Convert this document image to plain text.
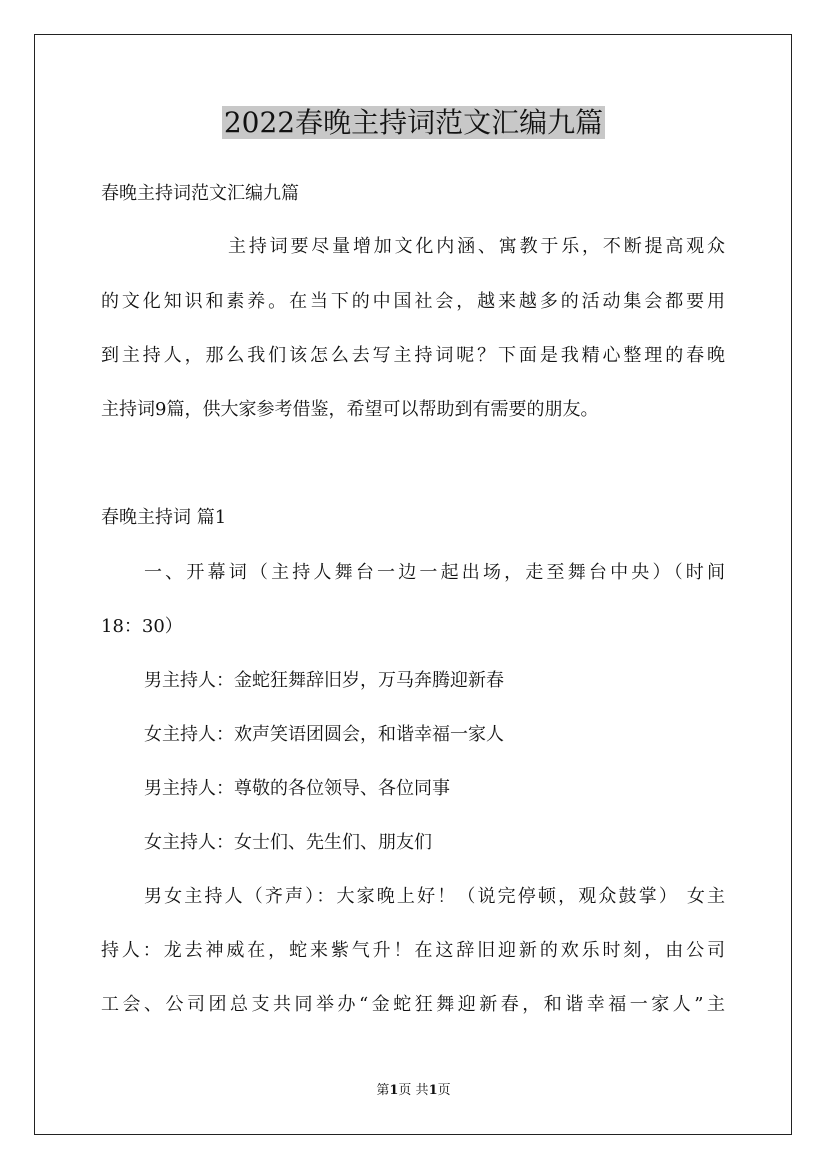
2022春晚主持词范文汇编九篇

春晚主持词范文汇编九篇

主持词要尽量增加文化内涵、寓教于乐，不断提高观众

的文化知识和素养。在当下的中国社会，越来越多的活动集会都要用

到主持人，那么我们该怎么去写主持词呢？下面是我精心整理的春晚

主持词9篇，供大家参考借鉴，希望可以帮助到有需要的朋友。

春晚主持词 篇1

一、开幕词（主持人舞台一边一起出场，走至舞台中央）（时间

18：30）

男主持人：金蛇狂舞辞旧岁，万马奔腾迎新春

女主持人：欢声笑语团圆会，和谐幸福一家人

男主持人：尊敬的各位领导、各位同事

女主持人：女士们、先生们、朋友们

男女主持人（齐声）：大家晚上好！（说完停顿，观众鼓掌） 女主

持人：龙去神威在，蛇来紫气升！在这辞旧迎新的欢乐时刻，由公司

工会、公司团总支共同举办“金蛇狂舞迎新春，和谐幸福一家人”主

第1页 共1页
